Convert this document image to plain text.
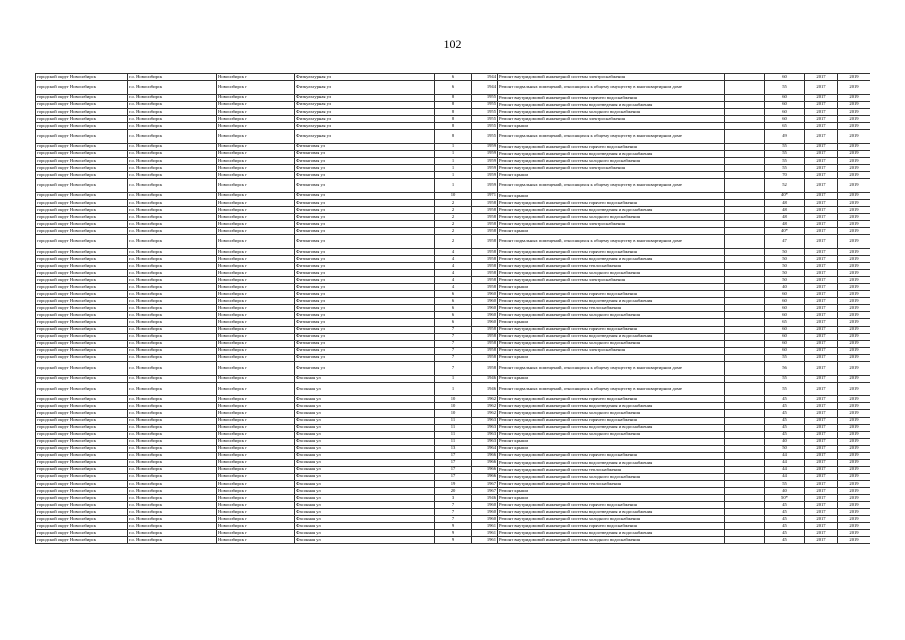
102
городской округ Новосибирск	г.о. Новосибирск	Новосибирск г	Физкультурная ул	6	1944	Ремонт внутридомовой инженерной системы электроснабжения		60	2017	2019
городской округ Новосибирск	г.о. Новосибирск	Новосибирск г	Физкультурная ул	6	1944	Ремонт подвальных помещений, относящихся к общему имуществу в многоквартирном доме		55	2017	2019
городской округ Новосибирск	г.о. Новосибирск	Новосибирск г	Физкультурная ул	8	1955	Ремонт внутридомовой инженерной системы горячего водоснабжения		60	2017	2019
городской округ Новосибирск	г.о. Новосибирск	Новосибирск г	Физкультурная ул	8	1955	Ремонт внутридомовой инженерной системы водоотведения и водоснабжения		60	2017	2019
городской округ Новосибирск	г.о. Новосибирск	Новосибирск г	Физкультурная ул	8	1955	Ремонт внутридомовой инженерной системы холодного водоснабжения		60	2017	2019
городской округ Новосибирск	г.о. Новосибирск	Новосибирск г	Физкультурная ул	8	1955	Ремонт внутридомовой инженерной системы электроснабжения		60	2017	2019
городской округ Новосибирск	г.о. Новосибирск	Новосибирск г	Физкультурная ул	8	1955	Ремонт крыши		65	2017	2019
городской округ Новосибирск	г.о. Новосибирск	Новосибирск г	Физкультурная ул	8	1955	Ремонт подвальных помещений, относящихся к общему имуществу в многоквартирном доме		49	2017	2019
городской округ Новосибирск	г.о. Новосибирск	Новосибирск г	Фитинговая ул	1	1959	Ремонт внутридомовой инженерной системы горячего водоснабжения		55	2017	2019
городской округ Новосибирск	г.о. Новосибирск	Новосибирск г	Фитинговая ул	1	1959	Ремонт внутридомовой инженерной системы водоотведения и водоснабжения		55	2017	2019
городской округ Новосибирск	г.о. Новосибирск	Новосибирск г	Фитинговая ул	1	1959	Ремонт внутридомовой инженерной системы холодного водоснабжения		55	2017	2019
городской округ Новосибирск	г.о. Новосибирск	Новосибирск г	Фитинговая ул	1	1959	Ремонт внутридомовой инженерной системы электроснабжения		55	2017	2019
городской округ Новосибирск	г.о. Новосибирск	Новосибирск г	Фитинговая ул	1	1959	Ремонт крыши		70	2017	2019
городской округ Новосибирск	г.о. Новосибирск	Новосибирск г	Фитинговая ул	1	1959	Ремонт подвальных помещений, относящихся к общему имуществу в многоквартирном доме		52	2017	2019
городской округ Новосибирск	г.о. Новосибирск	Новосибирск г	Фитинговая ул	10	1971	Ремонт крыши		40*	2017	2019
городской округ Новосибирск	г.о. Новосибирск	Новосибирск г	Фитинговая ул	2	1958	Ремонт внутридомовой инженерной системы горячего водоснабжения		48	2017	2019
городской округ Новосибирск	г.о. Новосибирск	Новосибирск г	Фитинговая ул	2	1958	Ремонт внутридомовой инженерной системы водоотведения и водоснабжения		48	2017	2019
городской округ Новосибирск	г.о. Новосибирск	Новосибирск г	Фитинговая ул	2	1958	Ремонт внутридомовой инженерной системы холодного водоснабжения		48	2017	2019
городской округ Новосибирск	г.о. Новосибирск	Новосибирск г	Фитинговая ул	2	1958	Ремонт внутридомовой инженерной системы электроснабжения		48	2017	2019
городской округ Новосибирск	г.о. Новосибирск	Новосибирск г	Фитинговая ул	2	1958	Ремонт крыши		40*	2017	2019
городской округ Новосибирск	г.о. Новосибирск	Новосибирск г	Фитинговая ул	2	1958	Ремонт подвальных помещений, относящихся к общему имуществу в многоквартирном доме		47	2017	2019
городской округ Новосибирск	г.о. Новосибирск	Новосибирск г	Фитинговая ул	4	1958	Ремонт внутридомовой инженерной системы горячего водоснабжения		50	2017	2019
городской округ Новосибирск	г.о. Новосибирск	Новосибирск г	Фитинговая ул	4	1958	Ремонт внутридомовой инженерной системы водоотведения и водоснабжения		50	2017	2019
городской округ Новосибирск	г.о. Новосибирск	Новосибирск г	Фитинговая ул	4	1958	Ремонт внутридомовой инженерной системы теплоснабжения		50	2017	2019
городской округ Новосибирск	г.о. Новосибирск	Новосибирск г	Фитинговая ул	4	1958	Ремонт внутридомовой инженерной системы холодного водоснабжения		50	2017	2019
городской округ Новосибирск	г.о. Новосибирск	Новосибирск г	Фитинговая ул	4	1958	Ремонт внутридомовой инженерной системы электроснабжения		50	2017	2019
городской округ Новосибирск	г.о. Новосибирск	Новосибирск г	Фитинговая ул	4	1958	Ремонт крыши		40	2017	2019
городской округ Новосибирск	г.о. Новосибирск	Новосибирск г	Фитинговая ул	6	1960	Ремонт внутридомовой инженерной системы горячего водоснабжения		60	2017	2019
городской округ Новосибирск	г.о. Новосибирск	Новосибирск г	Фитинговая ул	6	1960	Ремонт внутридомовой инженерной системы водоотведения и водоснабжения		60	2017	2019
городской округ Новосибирск	г.о. Новосибирск	Новосибирск г	Фитинговая ул	6	1960	Ремонт внутридомовой инженерной системы теплоснабжения		60	2017	2019
городской округ Новосибирск	г.о. Новосибирск	Новосибирск г	Фитинговая ул	6	1960	Ремонт внутридомовой инженерной системы холодного водоснабжения		60	2017	2019
городской округ Новосибирск	г.о. Новосибирск	Новосибирск г	Фитинговая ул	6	1960	Ремонт крыши		65	2017	2019
городской округ Новосибирск	г.о. Новосибирск	Новосибирск г	Фитинговая ул	7	1958	Ремонт внутридомовой инженерной системы горячего водоснабжения		60	2017	2019
городской округ Новосибирск	г.о. Новосибирск	Новосибирск г	Фитинговая ул	7	1958	Ремонт внутридомовой инженерной системы водоотведения и водоснабжения		60	2017	2019
городской округ Новосибирск	г.о. Новосибирск	Новосибирск г	Фитинговая ул	7	1958	Ремонт внутридомовой инженерной системы холодного водоснабжения		60	2017	2019
городской округ Новосибирск	г.о. Новосибирск	Новосибирск г	Фитинговая ул	7	1958	Ремонт внутридомовой инженерной системы электроснабжения		60	2017	2019
городской округ Новосибирск	г.о. Новосибирск	Новосибирск г	Фитинговая ул	7	1958	Ремонт крыши		55	2017	2019
городской округ Новосибирск	г.о. Новосибирск	Новосибирск г	Фитинговая ул	7	1958	Ремонт подвальных помещений, относящихся к общему имуществу в многоквартирном доме		56	2017	2019
городской округ Новосибирск	г.о. Новосибирск	Новосибирск г	Фасонная ул	1	1946	Ремонт крыши		55	2017	2019
городской округ Новосибирск	г.о. Новосибирск	Новосибирск г	Фасонная ул	1	1946	Ремонт подвальных помещений, относящихся к общему имуществу в многоквартирном доме		55	2017	2019
городской округ Новосибирск	г.о. Новосибирск	Новосибирск г	Фасонная ул	10	1962	Ремонт внутридомовой инженерной системы горячего водоснабжения		45	2017	2019
городской округ Новосибирск	г.о. Новосибирск	Новосибирск г	Фасонная ул	10	1962	Ремонт внутридомовой инженерной системы водоотведения и водоснабжения		45	2017	2019
городской округ Новосибирск	г.о. Новосибирск	Новосибирск г	Фасонная ул	10	1962	Ремонт внутридомовой инженерной системы холодного водоснабжения		45	2017	2019
городской округ Новосибирск	г.о. Новосибирск	Новосибирск г	Фасонная ул	11	1963	Ремонт внутридомовой инженерной системы горячего водоснабжения		45	2017	2019
городской округ Новосибирск	г.о. Новосибирск	Новосибирск г	Фасонная ул	11	1963	Ремонт внутридомовой инженерной системы водоотведения и водоснабжения		45	2017	2019
городской округ Новосибирск	г.о. Новосибирск	Новосибирск г	Фасонная ул	11	1963	Ремонт внутридомовой инженерной системы холодного водоснабжения		45	2017	2019
городской округ Новосибирск	г.о. Новосибирск	Новосибирск г	Фасонная ул	11	1963	Ремонт крыши		40	2017	2019
городской округ Новосибирск	г.о. Новосибирск	Новосибирск г	Фасонная ул	13	1964	Ремонт крыши		50	2017	2019
городской округ Новосибирск	г.о. Новосибирск	Новосибирск г	Фасонная ул	17	1966	Ремонт внутридомовой инженерной системы горячего водоснабжения		44	2017	2019
городской округ Новосибирск	г.о. Новосибирск	Новосибирск г	Фасонная ул	17	1966	Ремонт внутридомовой инженерной системы водоотведения и водоснабжения		44	2017	2019
городской округ Новосибирск	г.о. Новосибирск	Новосибирск г	Фасонная ул	17	1966	Ремонт внутридомовой инженерной системы теплоснабжения		44	2017	2019
городской округ Новосибирск	г.о. Новосибирск	Новосибирск г	Фасонная ул	17	1966	Ремонт внутридомовой инженерной системы холодного водоснабжения		44	2017	2019
городской округ Новосибирск	г.о. Новосибирск	Новосибирск г	Фасонная ул	19	1967	Ремонт внутридомовой инженерной системы теплоснабжения		55	2017	2019
городской округ Новосибирск	г.о. Новосибирск	Новосибирск г	Фасонная ул	20	1967	Ремонт крыши		40	2017	2019
городской округ Новосибирск	г.о. Новосибирск	Новосибирск г	Фасонная ул	3	1946	Ремонт крыши		50*	2017	2019
городской округ Новосибирск	г.о. Новосибирск	Новосибирск г	Фасонная ул	7	1960	Ремонт внутридомовой инженерной системы горячего водоснабжения		45	2017	2019
городской округ Новосибирск	г.о. Новосибирск	Новосибирск г	Фасонная ул	7	1960	Ремонт внутридомовой инженерной системы водоотведения и водоснабжения		45	2017	2019
городской округ Новосибирск	г.о. Новосибирск	Новосибирск г	Фасонная ул	7	1960	Ремонт внутридомовой инженерной системы холодного водоснабжения		45	2017	2019
городской округ Новосибирск	г.о. Новосибирск	Новосибирск г	Фасонная ул	9	1961	Ремонт внутридомовой инженерной системы горячего водоснабжения		45	2017	2019
городской округ Новосибирск	г.о. Новосибирск	Новосибирск г	Фасонная ул	9	1961	Ремонт внутридомовой инженерной системы водоотведения и водоснабжения		45	2017	2019
городской округ Новосибирск	г.о. Новосибирск	Новосибирск г	Фасонная ул	9	1961	Ремонт внутридомовой инженерной системы холодного водоснабжения		45	2017	2019
